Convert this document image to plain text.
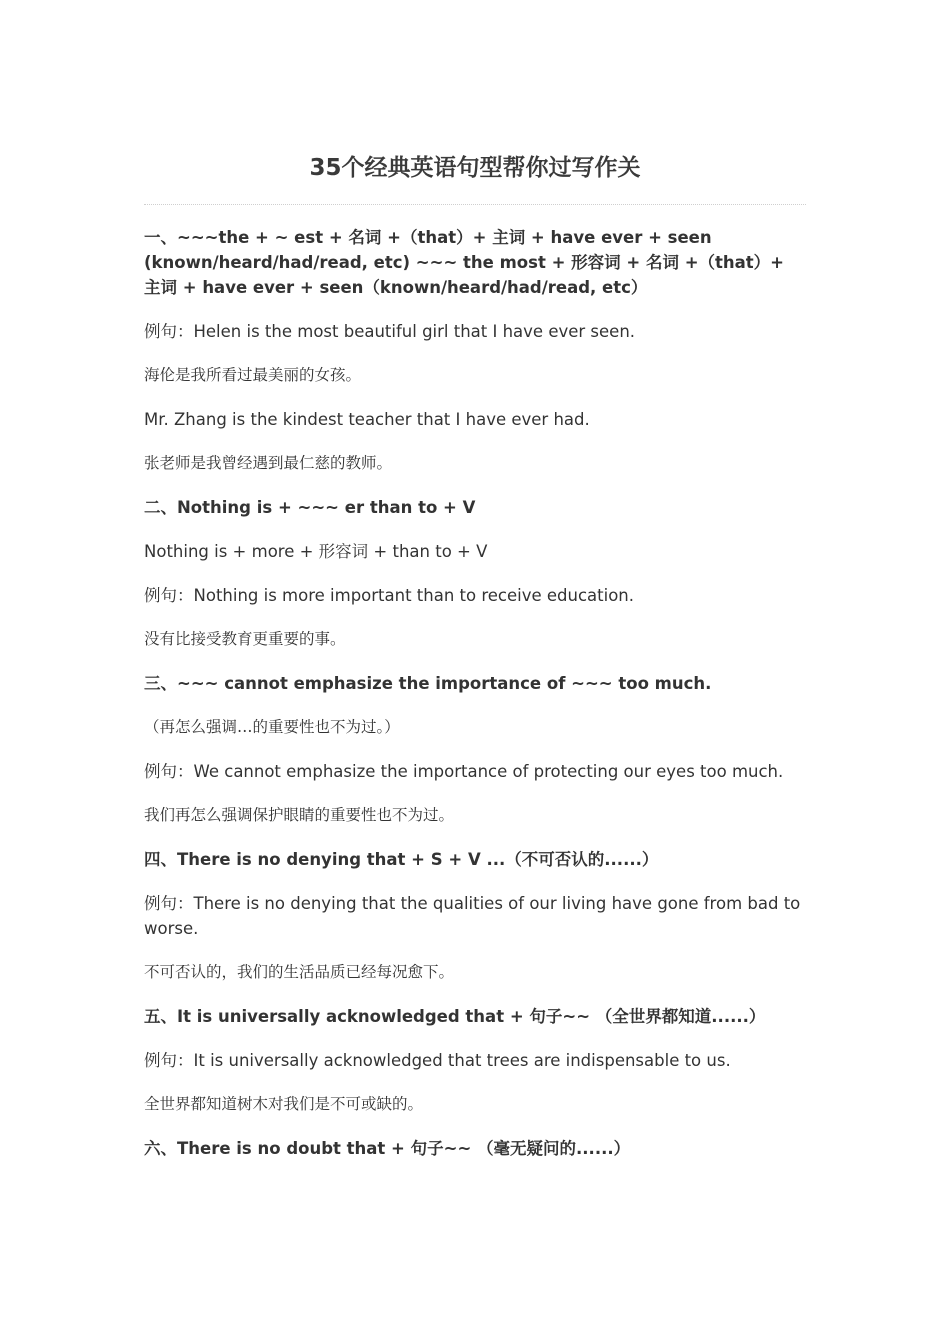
35个经典英语句型帮你过写作关

一、~~~the + ~ est + 名词 +（that）+ 主词 + have ever + seen (known/heard/had/read, etc) ~~~ the most + 形容词 + 名词 +（that）+ 主词 + have ever + seen（known/heard/had/read, etc）

例句：Helen is the most beautiful girl that I have ever seen.

海伦是我所看过最美丽的女孩。

Mr. Zhang is the kindest teacher that I have ever had.

张老师是我曾经遇到最仁慈的教师。

二、Nothing is + ~~~ er than to + V

Nothing is + more + 形容词 + than to + V

例句：Nothing is more important than to receive education.

没有比接受教育更重要的事。

三、~~~ cannot emphasize the importance of ~~~ too much.

（再怎么强调…的重要性也不为过。）

例句：We cannot emphasize the importance of protecting our eyes too much.

我们再怎么强调保护眼睛的重要性也不为过。

四、There is no denying that + S + V ...（不可否认的......）

例句：There is no denying that the qualities of our living have gone from bad to worse.

不可否认的，我们的生活品质已经每况愈下。

五、It is universally acknowledged that + 句子~~ （全世界都知道......）

例句：It is universally acknowledged that trees are indispensable to us.

全世界都知道树木对我们是不可或缺的。

六、There is no doubt that + 句子~~ （毫无疑问的......）
